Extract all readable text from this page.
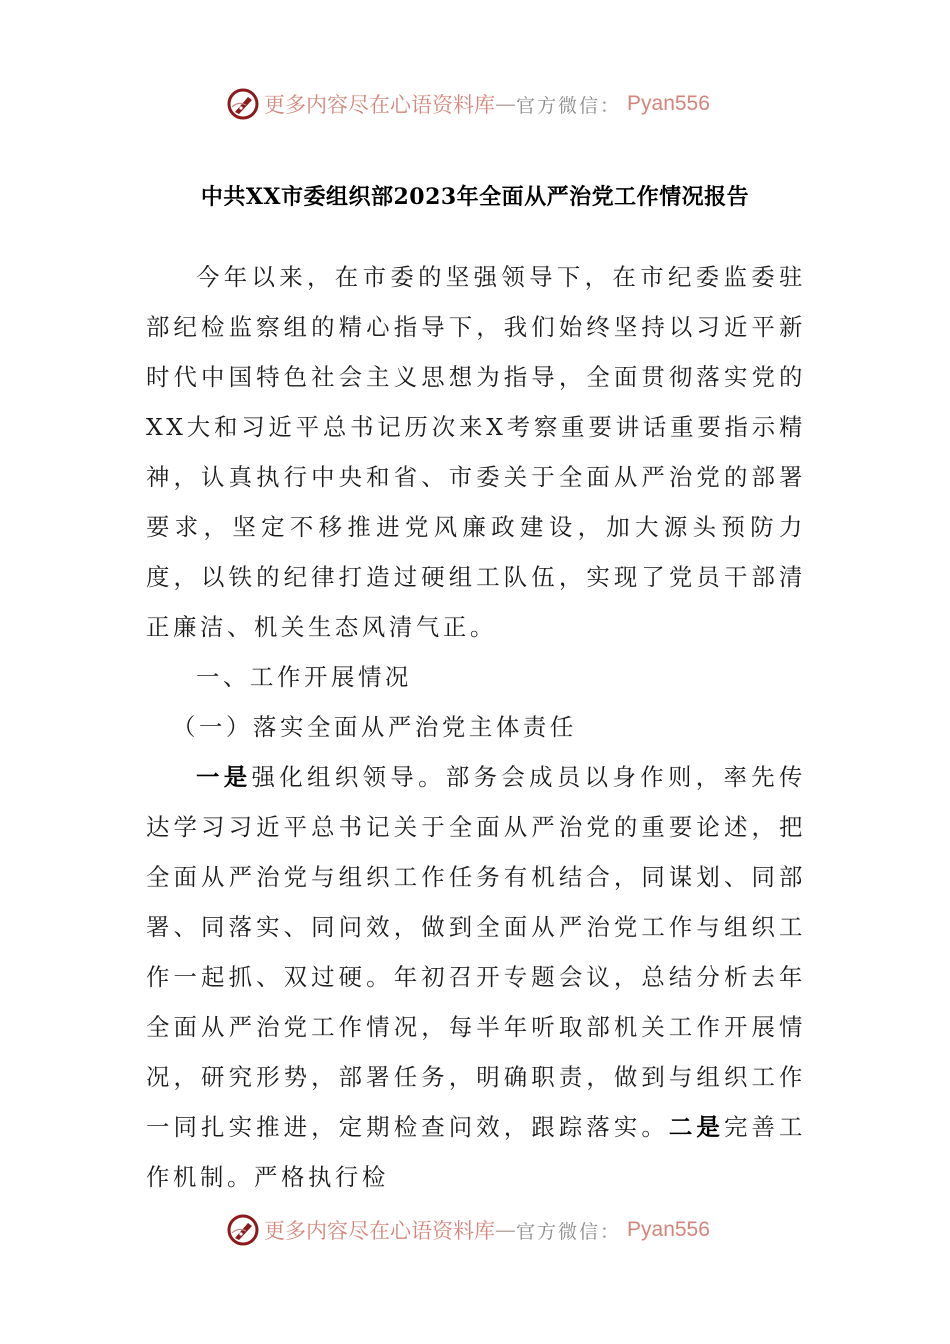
更多内容尽在心语资料库 — 官方微信： Pyan556
中共XX市委组织部2023年全面从严治党工作情况报告

今年以来，在市委的坚强领导下，在市纪委监委驻部纪检监察组的精心指导下，我们始终坚持以习近平新时代中国特色社会主义思想为指导，全面贯彻落实党的XX大和习近平总书记历次来X考察重要讲话重要指示精神，认真执行中央和省、市委关于全面从严治党的部署要求，坚定不移推进党风廉政建设，加大源头预防力度，以铁的纪律打造过硬组工队伍，实现了党员干部清正廉洁、机关生态风清气正。

一、工作开展情况

（一）落实全面从严治党主体责任

一是强化组织领导。部务会成员以身作则，率先传达学习习近平总书记关于全面从严治党的重要论述，把全面从严治党与组织工作任务有机结合，同谋划、同部署、同落实、同问效，做到全面从严治党工作与组织工作一起抓、双过硬。年初召开专题会议，总结分析去年全面从严治党工作情况，每半年听取部机关工作开展情况，研究形势，部署任务，明确职责，做到与组织工作一同扎实推进，定期检查问效，跟踪落实。二是完善工作机制。严格执行检

更多内容尽在心语资料库 — 官方微信： Pyan556
